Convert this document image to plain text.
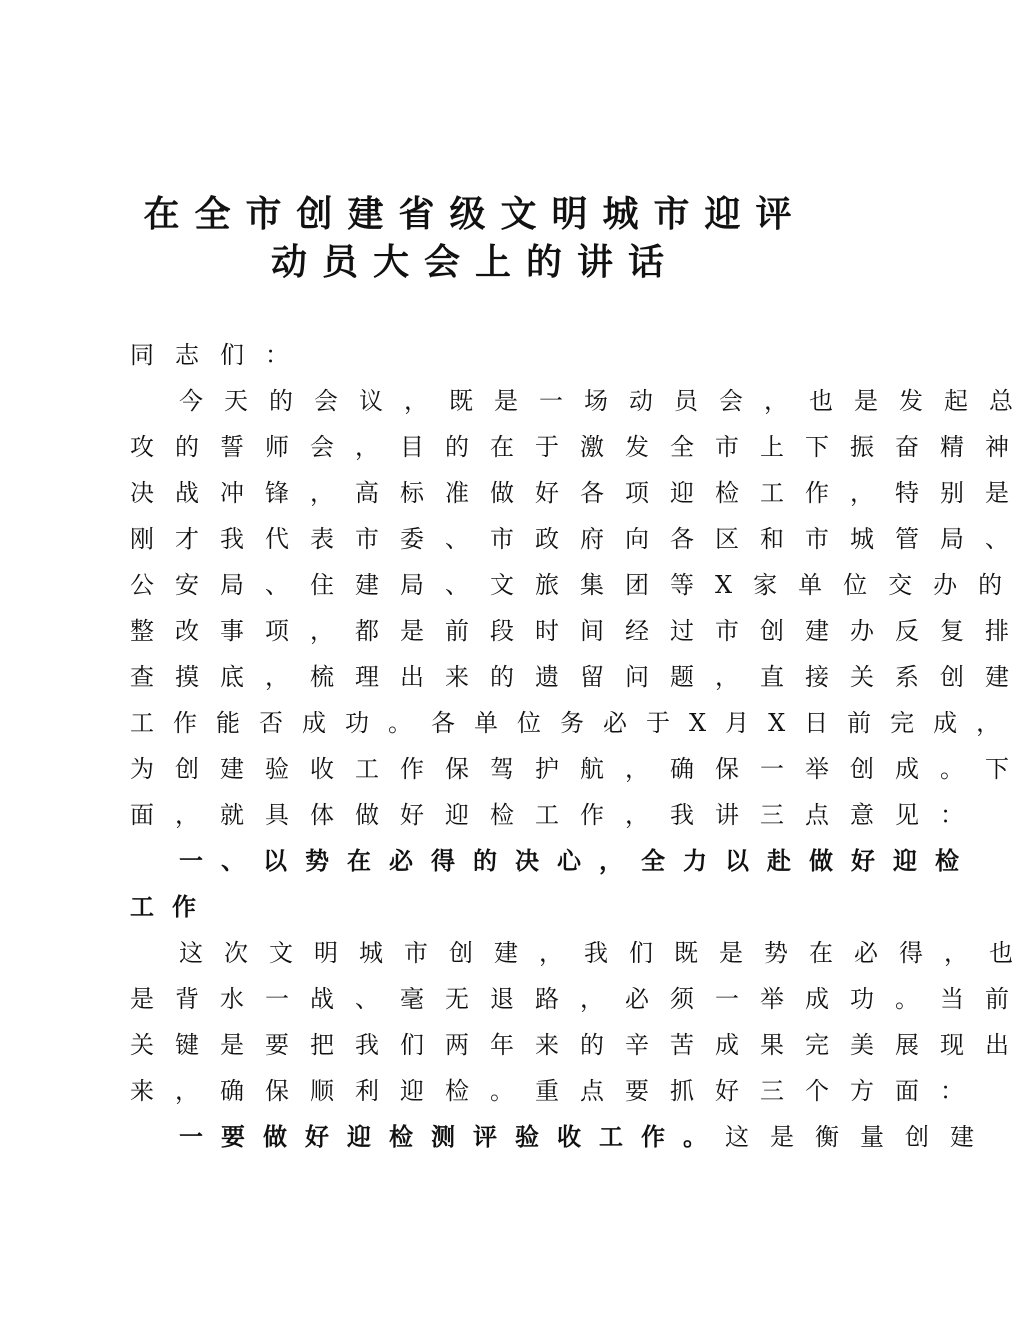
在全市创建省级文明城市迎评
动员大会上的讲话
同志们：
今天的会议，既是一场动员会，也是发起总
攻的誓师会，目的在于激发全市上下振奋精神
决战冲锋，高标准做好各项迎检工作，特别是
刚才我代表市委、市政府向各区和市城管局、
公安局、住建局、文旅集团等X家单位交办的
整改事项，都是前段时间经过市创建办反复排
查摸底，梳理出来的遗留问题，直接关系创建
工作能否成功。各单位务必于X月X日前完成，
为创建验收工作保驾护航，确保一举创成。下
面，就具体做好迎检工作，我讲三点意见：
一、以势在必得的决心，全力以赴做好迎检
工作
这次文明城市创建，我们既是势在必得，也
是背水一战、毫无退路，必须一举成功。当前
关键是要把我们两年来的辛苦成果完美展现出
来，确保顺利迎检。重点要抓好三个方面：
一要做好迎检测评验收工作。这是衡量创建
